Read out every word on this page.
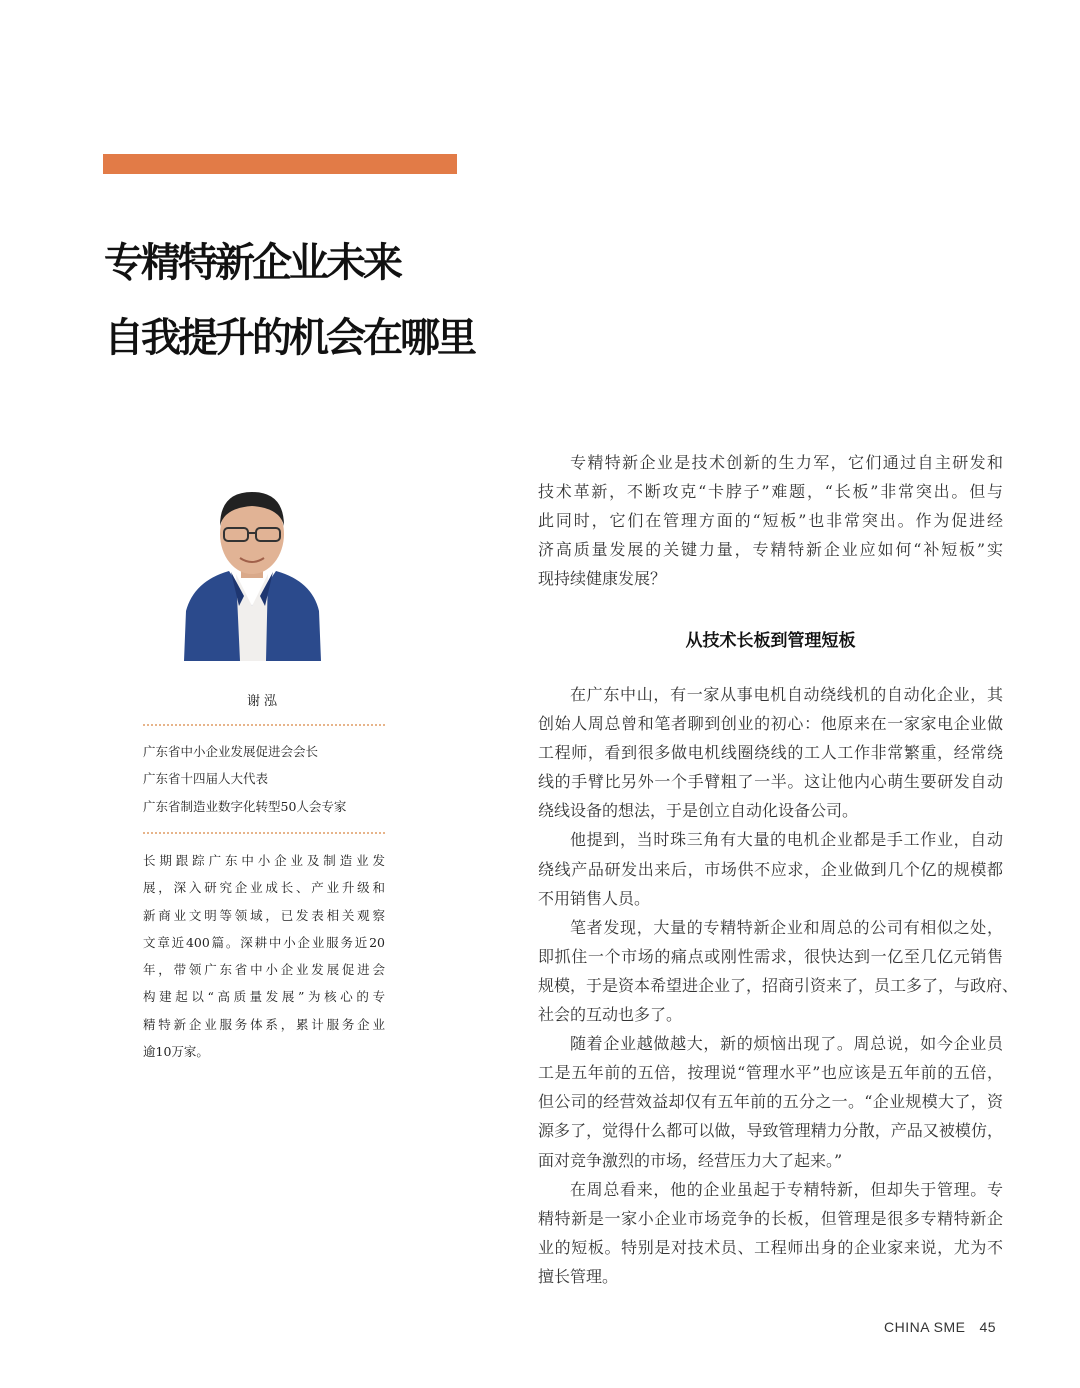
专精特新企业未来
自我提升的机会在哪里
谢泓
广东省中小企业发展促进会会长
广东省十四届人大代表
广东省制造业数字化转型50人会专家
长期跟踪广东中小企业及制造业发
展，深入研究企业成长、产业升级和
新商业文明等领域，已发表相关观察
文章近400篇。深耕中小企业服务近20
年，带领广东省中小企业发展促进会
构建起以“高质量发展”为核心的专
精特新企业服务体系，累计服务企业
逾10万家。
专精特新企业是技术创新的生力军，它们通过自主研发和
技术革新，不断攻克“卡脖子”难题，“长板”非常突出。但与
此同时，它们在管理方面的“短板”也非常突出。作为促进经
济高质量发展的关键力量，专精特新企业应如何“补短板”实
现持续健康发展？
从技术长板到管理短板
在广东中山，有一家从事电机自动绕线机的自动化企业，其
创始人周总曾和笔者聊到创业的初心：他原来在一家家电企业做
工程师，看到很多做电机线圈绕线的工人工作非常繁重，经常绕
线的手臂比另外一个手臂粗了一半。这让他内心萌生要研发自动
绕线设备的想法，于是创立自动化设备公司。
他提到，当时珠三角有大量的电机企业都是手工作业，自动
绕线产品研发出来后，市场供不应求，企业做到几个亿的规模都
不用销售人员。
笔者发现，大量的专精特新企业和周总的公司有相似之处，
即抓住一个市场的痛点或刚性需求，很快达到一亿至几亿元销售
规模，于是资本希望进企业了，招商引资来了，员工多了，与政府、
社会的互动也多了。
随着企业越做越大，新的烦恼出现了。周总说，如今企业员
工是五年前的五倍，按理说“管理水平”也应该是五年前的五倍，
但公司的经营效益却仅有五年前的五分之一。“企业规模大了，资
源多了，觉得什么都可以做，导致管理精力分散，产品又被模仿，
面对竞争激烈的市场，经营压力大了起来。”
在周总看来，他的企业虽起于专精特新，但却失于管理。专
精特新是一家小企业市场竞争的长板，但管理是很多专精特新企
业的短板。特别是对技术员、工程师出身的企业家来说，尤为不
擅长管理。
CHINA SME 45
